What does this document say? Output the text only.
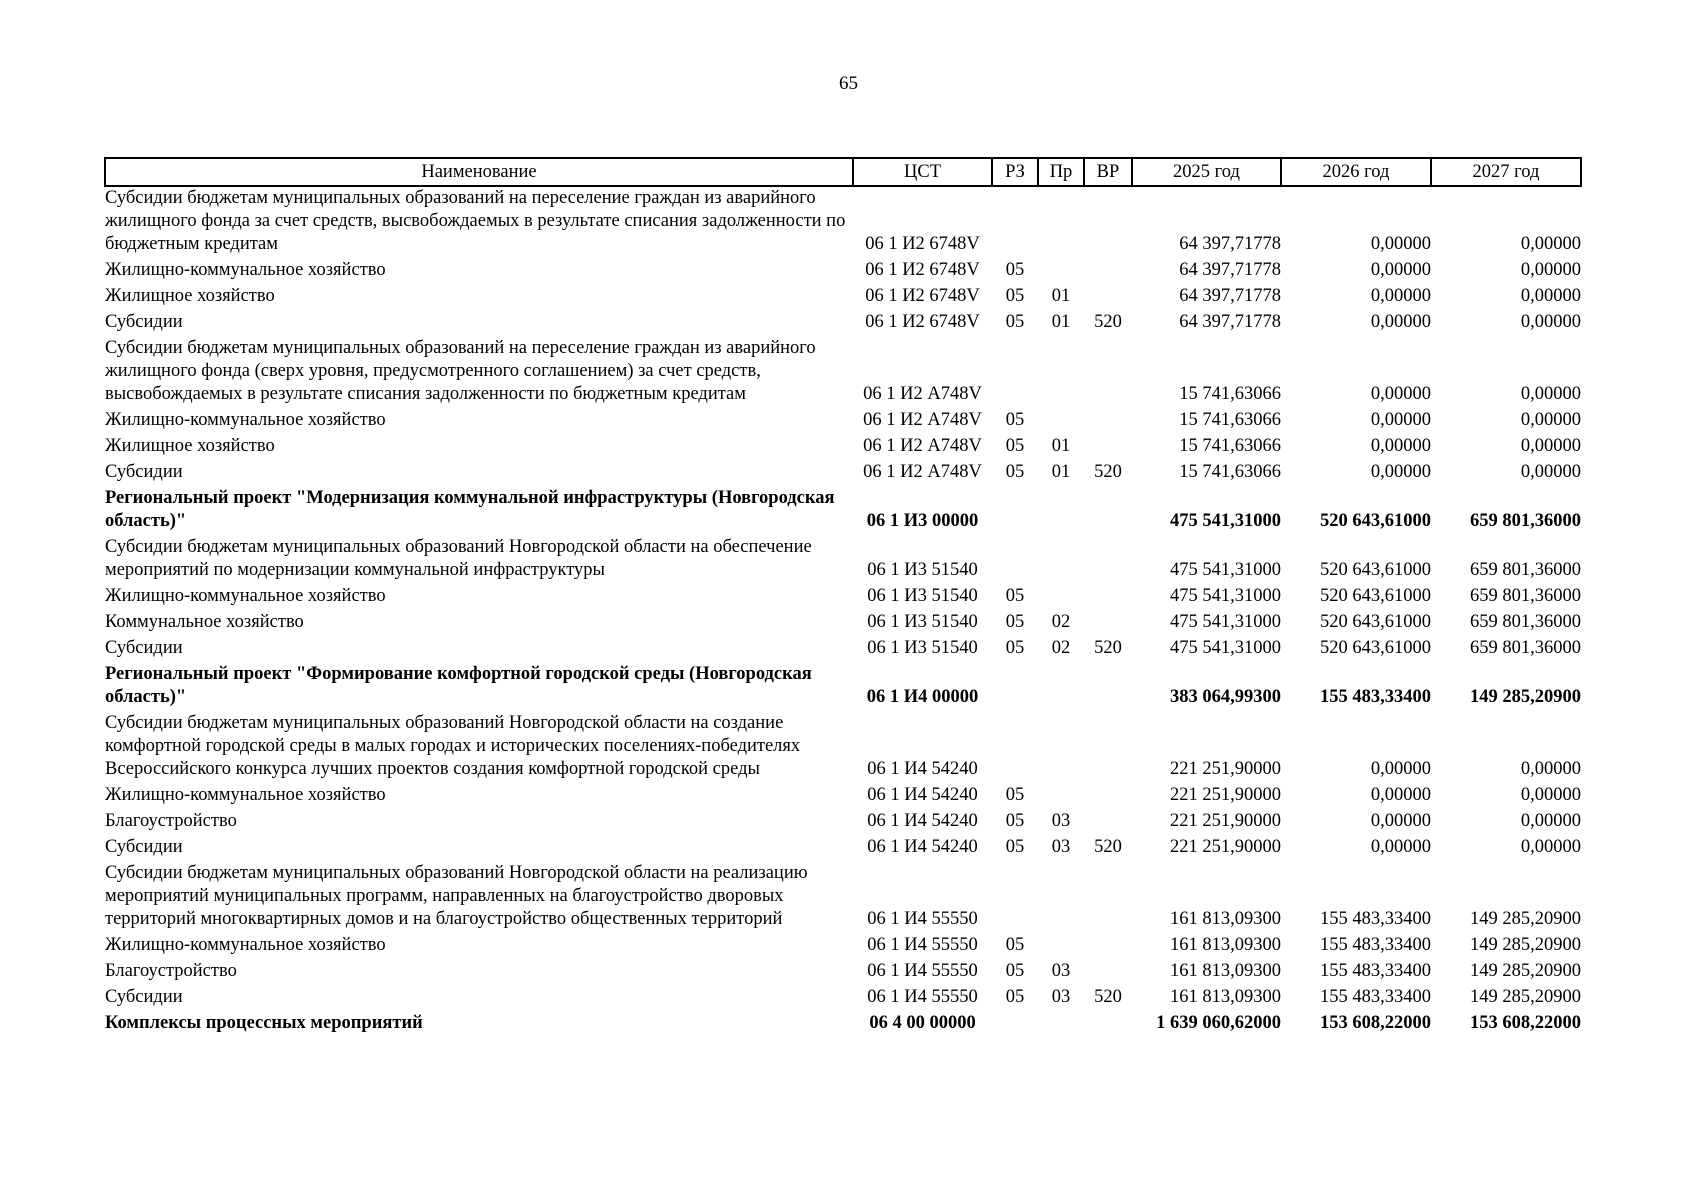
65
Наименование	ЦСТ	РЗ	Пр	ВР	2025 год	2026 год	2027 год
Субсидии бюджетам муниципальных образований на переселение граждан из аварийного жилищного фонда за счет средств, высвобождаемых в результате списания задолженности по бюджетным кредитам	06 1 И2 6748V				64 397,71778	0,00000	0,00000
Жилищно-коммунальное хозяйство	06 1 И2 6748V	05			64 397,71778	0,00000	0,00000
Жилищное хозяйство	06 1 И2 6748V	05	01		64 397,71778	0,00000	0,00000
Субсидии	06 1 И2 6748V	05	01	520	64 397,71778	0,00000	0,00000
Субсидии бюджетам муниципальных образований на переселение граждан из аварийного жилищного фонда (сверх уровня, предусмотренного соглашением) за счет средств, высвобождаемых в результате списания задолженности по бюджетным кредитам	06 1 И2 A748V				15 741,63066	0,00000	0,00000
Жилищно-коммунальное хозяйство	06 1 И2 A748V	05			15 741,63066	0,00000	0,00000
Жилищное хозяйство	06 1 И2 A748V	05	01		15 741,63066	0,00000	0,00000
Субсидии	06 1 И2 A748V	05	01	520	15 741,63066	0,00000	0,00000
Региональный проект "Модернизация коммунальной инфраструктуры (Новгородская область)"	06 1 И3 00000				475 541,31000	520 643,61000	659 801,36000
Субсидии бюджетам муниципальных образований Новгородской области на обеспечение мероприятий по модернизации коммунальной инфраструктуры	06 1 И3 51540				475 541,31000	520 643,61000	659 801,36000
Жилищно-коммунальное хозяйство	06 1 И3 51540	05			475 541,31000	520 643,61000	659 801,36000
Коммунальное хозяйство	06 1 И3 51540	05	02		475 541,31000	520 643,61000	659 801,36000
Субсидии	06 1 И3 51540	05	02	520	475 541,31000	520 643,61000	659 801,36000
Региональный проект "Формирование комфортной городской среды (Новгородская область)"	06 1 И4 00000				383 064,99300	155 483,33400	149 285,20900
Субсидии бюджетам муниципальных образований Новгородской области на создание комфортной городской среды в малых городах и исторических поселениях-победителях Всероссийского конкурса лучших проектов создания комфортной городской среды	06 1 И4 54240				221 251,90000	0,00000	0,00000
Жилищно-коммунальное хозяйство	06 1 И4 54240	05			221 251,90000	0,00000	0,00000
Благоустройство	06 1 И4 54240	05	03		221 251,90000	0,00000	0,00000
Субсидии	06 1 И4 54240	05	03	520	221 251,90000	0,00000	0,00000
Субсидии бюджетам муниципальных образований Новгородской области на реализацию мероприятий муниципальных программ, направленных на благоустройство дворовых территорий многоквартирных домов и на благоустройство общественных территорий	06 1 И4 55550				161 813,09300	155 483,33400	149 285,20900
Жилищно-коммунальное хозяйство	06 1 И4 55550	05			161 813,09300	155 483,33400	149 285,20900
Благоустройство	06 1 И4 55550	05	03		161 813,09300	155 483,33400	149 285,20900
Субсидии	06 1 И4 55550	05	03	520	161 813,09300	155 483,33400	149 285,20900
Комплексы процессных мероприятий	06 4 00 00000				1 639 060,62000	153 608,22000	153 608,22000
